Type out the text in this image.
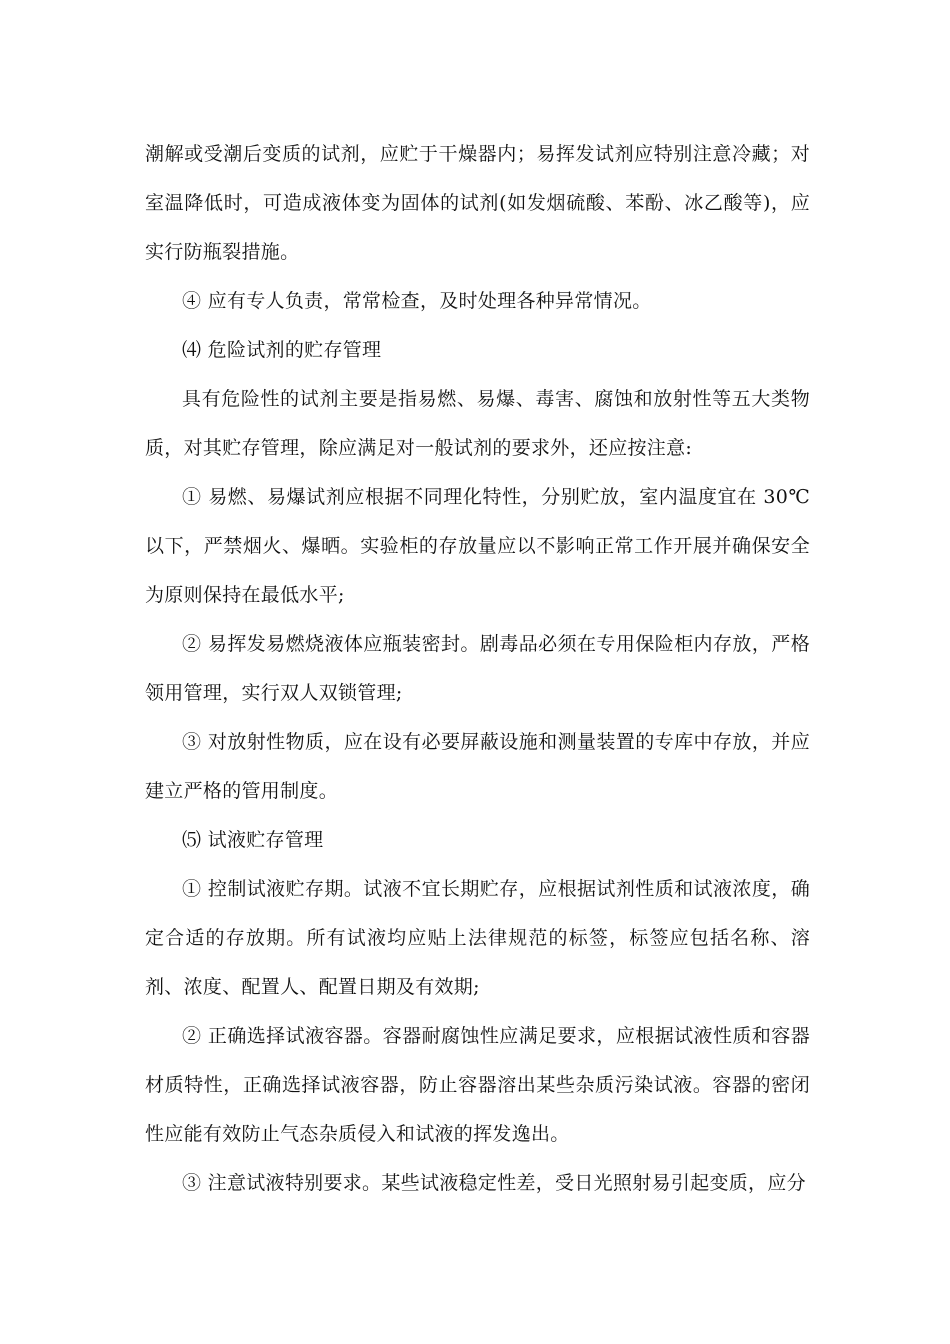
潮解或受潮后变质的试剂，应贮于干燥器内；易挥发试剂应特别注意冷藏；对室温降低时，可造成液体变为固体的试剂(如发烟硫酸、苯酚、冰乙酸等)，应实行防瓶裂措施。

④ 应有专人负责，常常检查，及时处理各种异常情况。

⑷ 危险试剂的贮存管理

具有危险性的试剂主要是指易燃、易爆、毒害、腐蚀和放射性等五大类物质，对其贮存管理，除应满足对一般试剂的要求外，还应按注意:

① 易燃、易爆试剂应根据不同理化特性，分别贮放，室内温度宜在 30℃以下，严禁烟火、爆晒。实验柜的存放量应以不影响正常工作开展并确保安全为原则保持在最低水平;

② 易挥发易燃烧液体应瓶装密封。剧毒品必须在专用保险柜内存放，严格领用管理，实行双人双锁管理;

③ 对放射性物质，应在设有必要屏蔽设施和测量装置的专库中存放，并应建立严格的管用制度。

⑸ 试液贮存管理

① 控制试液贮存期。试液不宜长期贮存，应根据试剂性质和试液浓度，确定合适的存放期。所有试液均应贴上法律规范的标签，标签应包括名称、溶剂、浓度、配置人、配置日期及有效期;

② 正确选择试液容器。容器耐腐蚀性应满足要求，应根据试液性质和容器材质特性，正确选择试液容器，防止容器溶出某些杂质污染试液。容器的密闭性应能有效防止气态杂质侵入和试液的挥发逸出。

③ 注意试液特别要求。某些试液稳定性差，受日光照射易引起变质，应分
